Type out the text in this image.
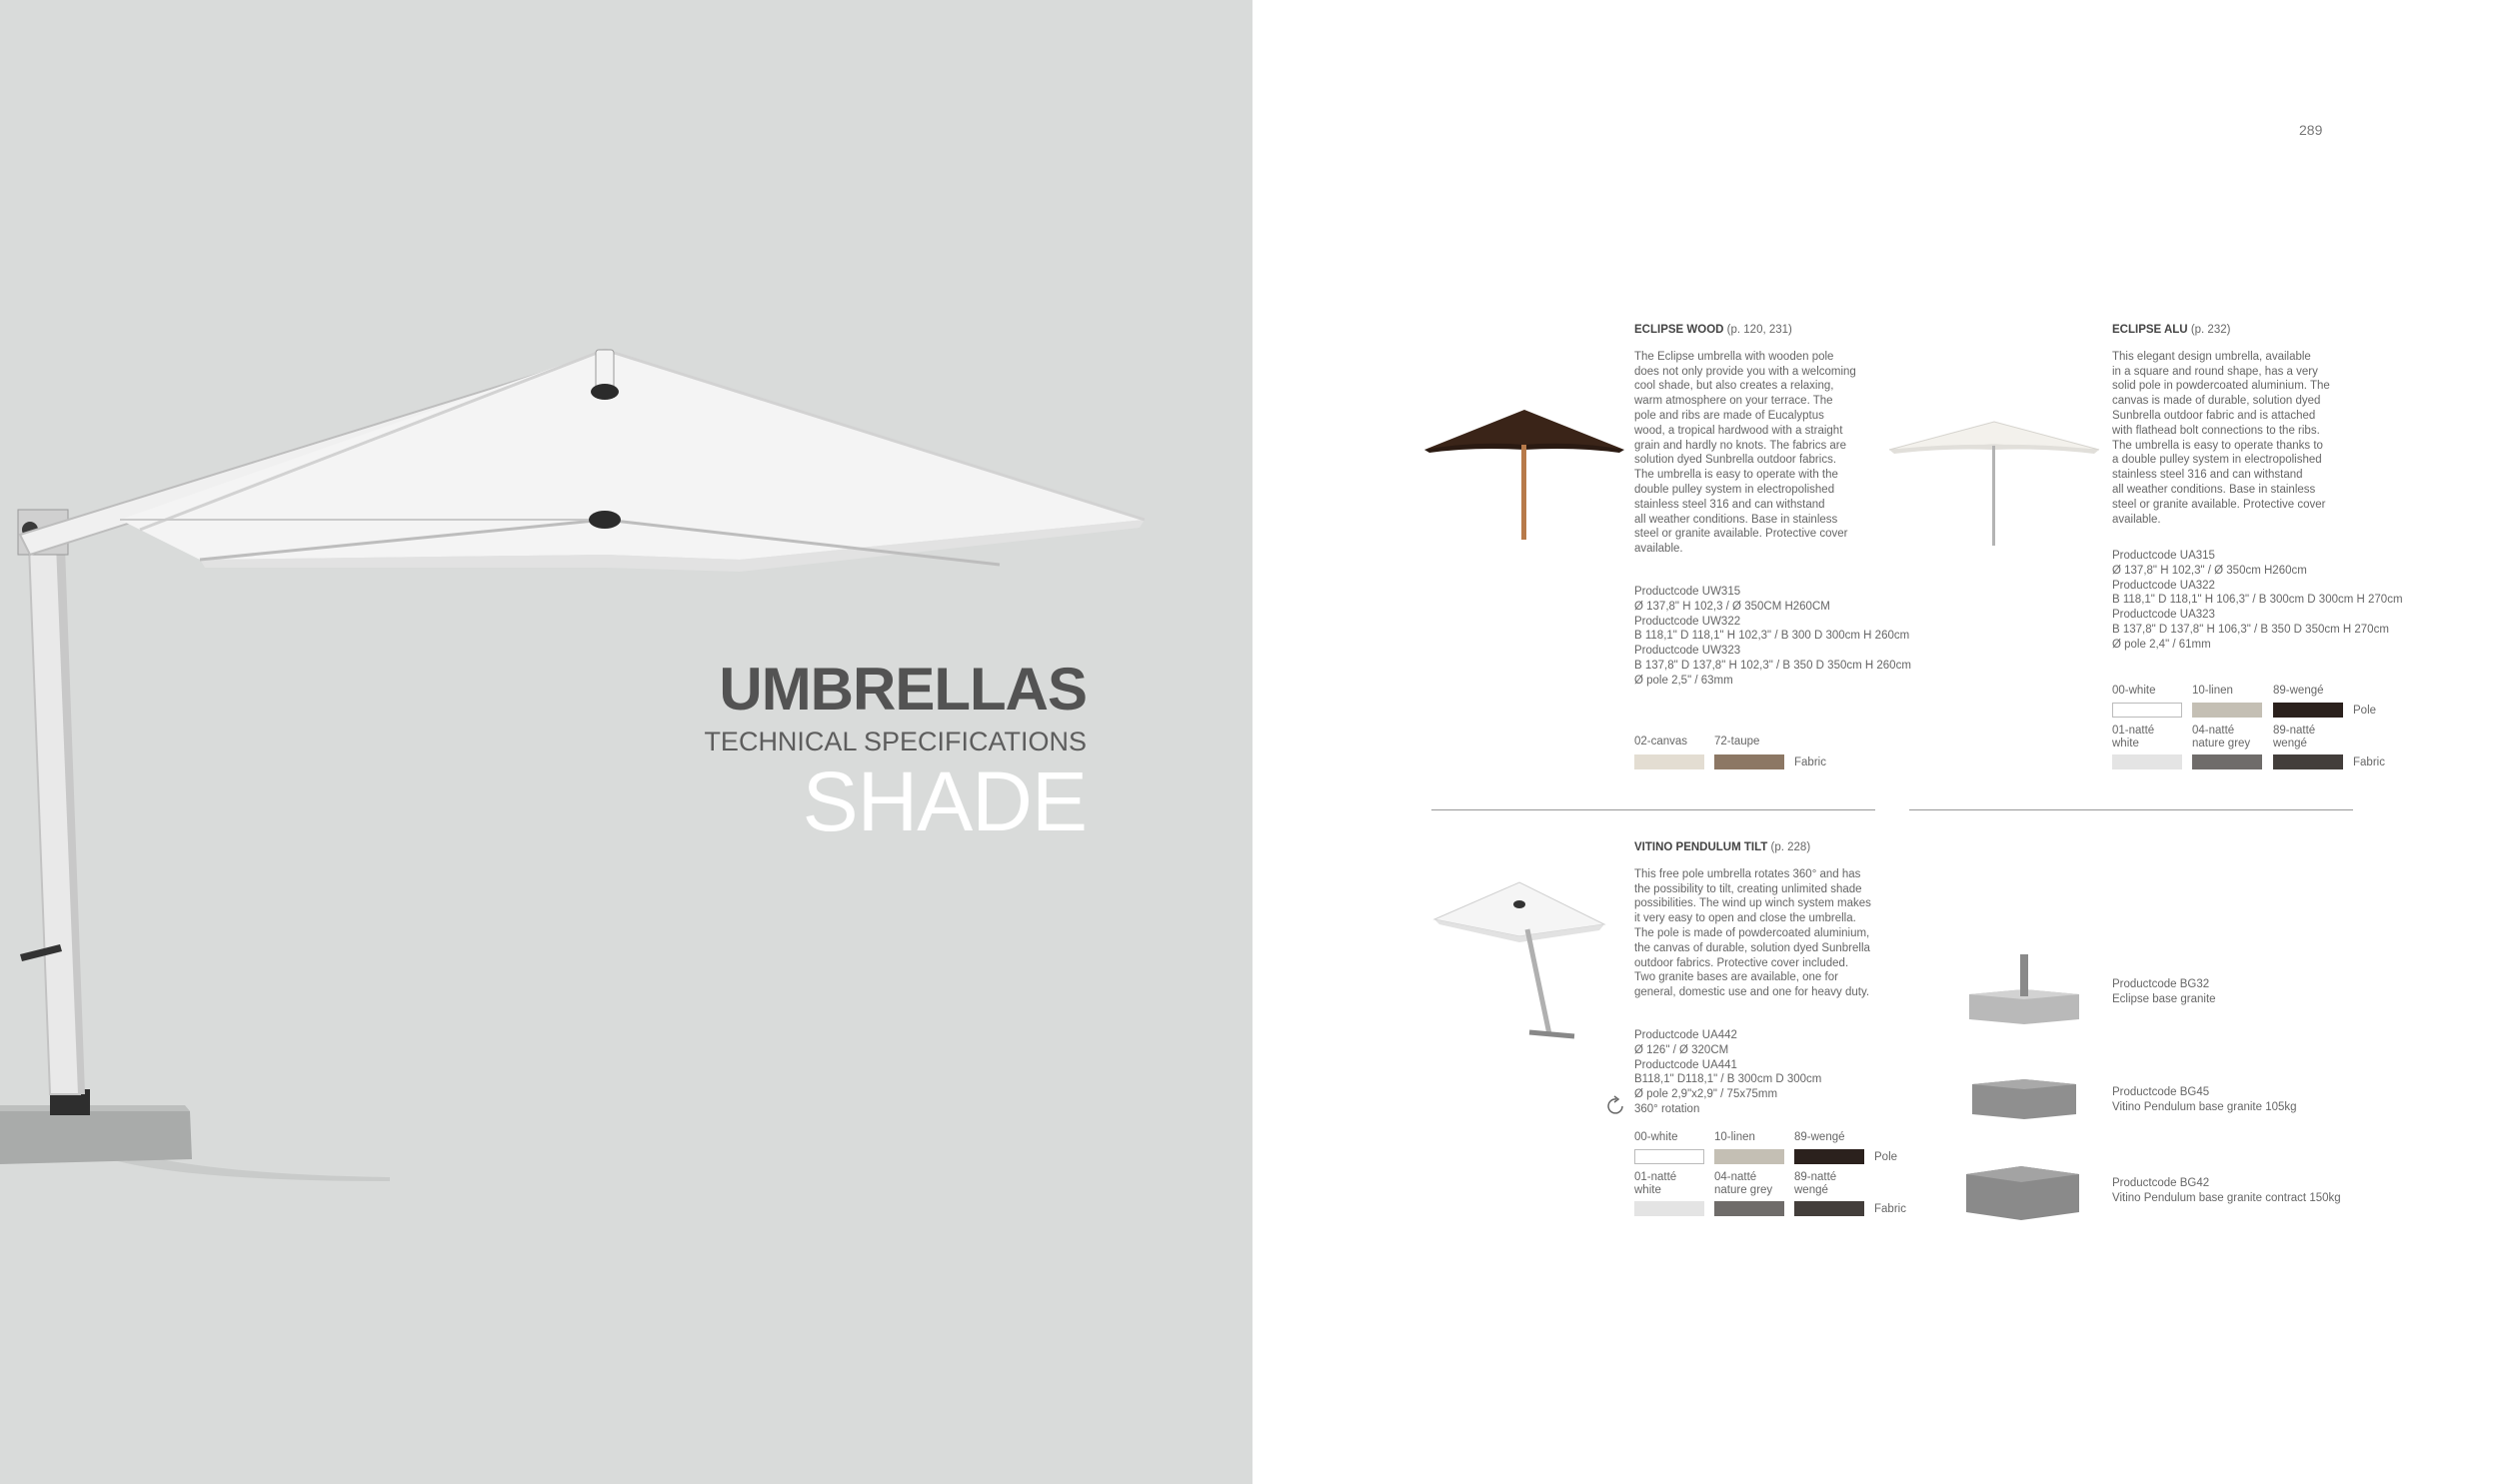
UMBRELLAS
TECHNICAL SPECIFICATIONS
SHADE
289
ECLIPSE WOOD (p. 120, 231)
The Eclipse umbrella with wooden pole
does not only provide you with a welcoming
cool shade, but also creates a relaxing,
warm atmosphere on your terrace. The
pole and ribs are made of Eucalyptus
wood, a tropical hardwood with a straight
grain and hardly no knots. The fabrics are
solution dyed Sunbrella outdoor fabrics.
The umbrella is easy to operate with the
double pulley system in electropolished
stainless steel 316 and can withstand
all weather conditions. Base in stainless
steel or granite available. Protective cover
available.
Productcode UW315
Ø 137,8" H 102,3 / Ø 350CM H260CM
Productcode UW322
B 118,1" D 118,1" H 102,3" / B 300 D 300cm H 260cm
Productcode UW323
B 137,8" D 137,8" H 102,3" / B 350 D 350cm H 260cm
Ø pole 2,5" / 63mm
02-canvas 72-taupe
Fabric
ECLIPSE ALU (p. 232)
This elegant design umbrella, available
in a square and round shape, has a very
solid pole in powdercoated aluminium. The
canvas is made of durable, solution dyed
Sunbrella outdoor fabric and is attached
with flathead bolt connections to the ribs.
The umbrella is easy to operate thanks to
a double pulley system in electropolished
stainless steel 316 and can withstand
all weather conditions. Base in stainless
steel or granite available. Protective cover
available.
Productcode UA315
Ø 137,8" H 102,3" / Ø 350cm H260cm
Productcode UA322
B 118,1" D 118,1" H 106,3" / B 300cm D 300cm H 270cm
Productcode UA323
B 137,8" D 137,8" H 106,3" / B 350 D 350cm H 270cm
Ø pole 2,4" / 61mm
00-white	10-linen	89-wengé
Pole
01-natté
white
04-natté
nature grey
89-natté
wengé
Fabric
VITINO PENDULUM TILT (p. 228)
This free pole umbrella rotates 360° and has
the possibility to tilt, creating unlimited shade
possibilities. The wind up winch system makes
it very easy to open and close the umbrella.
The pole is made of powdercoated aluminium,
the canvas of durable, solution dyed Sunbrella
outdoor fabrics. Protective cover included.
Two granite bases are available, one for
general, domestic use and one for heavy duty.
Productcode UA442
Ø 126" / Ø 320CM
Productcode UA441
B118,1" D118,1" / B 300cm D 300cm
Ø pole 2,9"x2,9" / 75x75mm
360° rotation
00-white	10-linen	89-wengé
Pole
01-natté
white
04-natté
nature grey
89-natté
wengé
Fabric
Productcode BG32
Eclipse base granite
Productcode BG45
Vitino Pendulum base granite 105kg
Productcode BG42
Vitino Pendulum base granite contract 150kg
